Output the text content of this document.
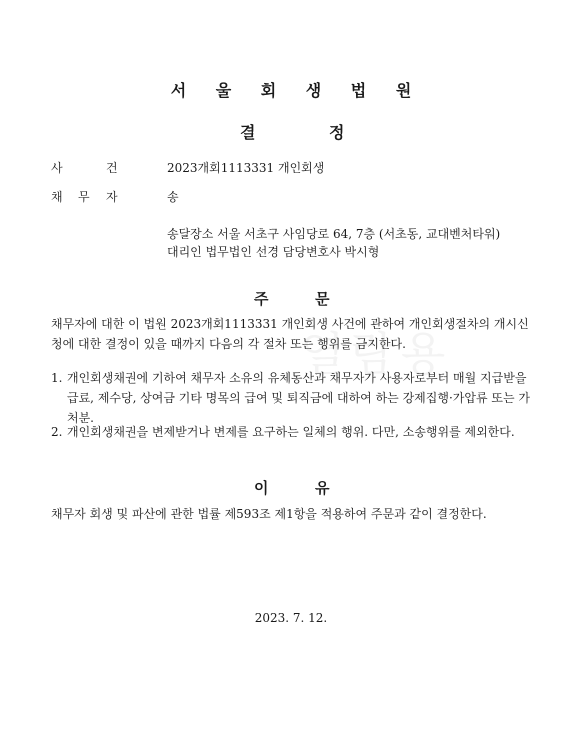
열람용
서 울 회 생 법 원
결	정
사	건	2023개회1113331 개인회생
채 무 자	송
송달장소 서울 서초구 사임당로 64, 7층 (서초동, 교대벤처타워)
대리인 법무법인 선경 담당변호사 박시형
주	문
채무자에 대한 이 법원 2023개회1113331 개인회생 사건에 관하여 개인회생절차의 개시신청에 대한 결정이 있을 때까지 다음의 각 절차 또는 행위를 금지한다.
1. 개인회생채권에 기하여 채무자 소유의 유체동산과 채무자가 사용자로부터 매월 지급받을 급료, 제수당, 상여금 기타 명목의 급여 및 퇴직금에 대하여 하는 강제집행·가압류 또는 가처분.
2. 개인회생채권을 변제받거나 변제를 요구하는 일체의 행위. 다만, 소송행위를 제외한다.
이	유
채무자 회생 및 파산에 관한 법률 제593조 제1항을 적용하여 주문과 같이 결정한다.
2023. 7. 12.
